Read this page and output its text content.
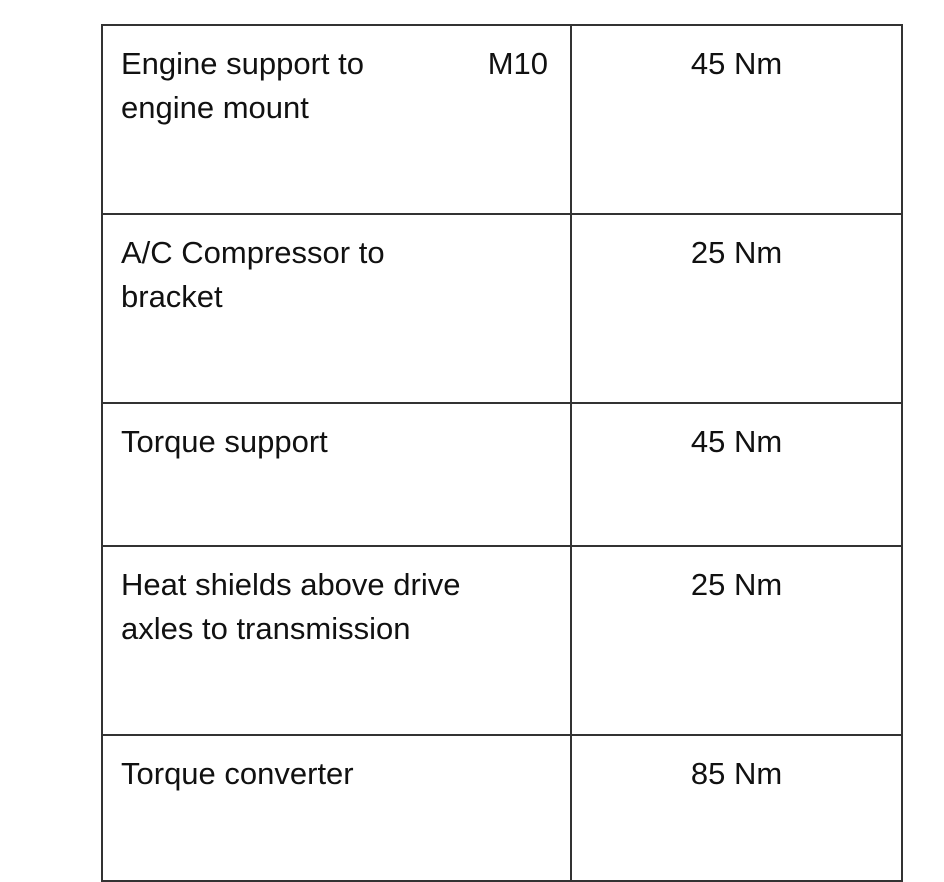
Engine support to
engine mount
M10	45 Nm

A/C Compressor to
bracket	25 Nm

Torque support	45 Nm

Heat shields above drive
axles to transmission	25 Nm

Torque converter	85 Nm
